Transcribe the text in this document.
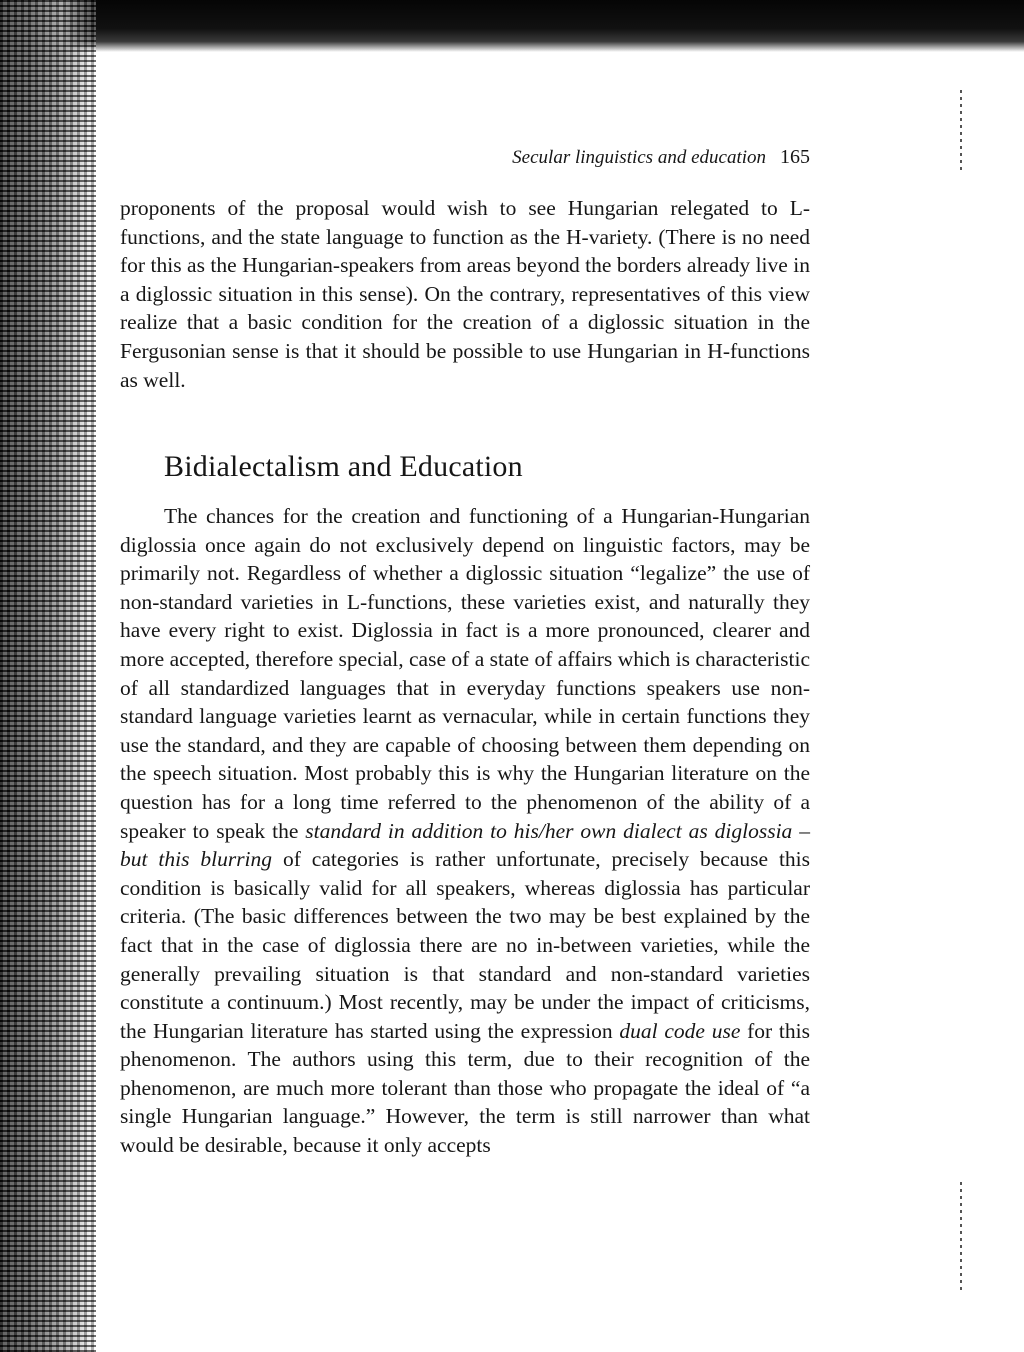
Secular linguistics and education 165

proponents of the proposal would wish to see Hungarian relegated to L-functions, and the state language to function as the H-variety. (There is no need for this as the Hungarian-speakers from areas beyond the borders already live in a diglossic situation in this sense). On the contrary, representatives of this view realize that a basic condition for the creation of a diglossic situation in the Fergusonian sense is that it should be possible to use Hungarian in H-functions as well.

Bidialectalism and Education

The chances for the creation and functioning of a Hungarian-Hungarian diglossia once again do not exclusively depend on linguistic factors, may be primarily not. Regardless of whether a diglossic situation “legalize” the use of non-standard varieties in L-functions, these varieties exist, and naturally they have every right to exist. Diglossia in fact is a more pronounced, clearer and more accepted, therefore special, case of a state of affairs which is characteristic of all standardized languages that in everyday functions speakers use non-standard language varieties learnt as vernacular, while in certain functions they use the standard, and they are capable of choosing between them depending on the speech situation. Most probably this is why the Hungarian literature on the question has for a long time referred to the phenomenon of the ability of a speaker to speak the standard in addition to his/her own dialect as diglossia – but this blurring of categories is rather unfortunate, precisely because this condition is basically valid for all speakers, whereas diglossia has particular criteria. (The basic differences between the two may be best explained by the fact that in the case of diglossia there are no in-between varieties, while the generally prevailing situation is that standard and non-standard varieties constitute a continuum.) Most recently, may be under the impact of criticisms, the Hungarian literature has started using the expression dual code use for this phenomenon. The authors using this term, due to their recognition of the phenomenon, are much more tolerant than those who propagate the ideal of “a single Hungarian language.” However, the term is still narrower than what would be desirable, because it only accepts
